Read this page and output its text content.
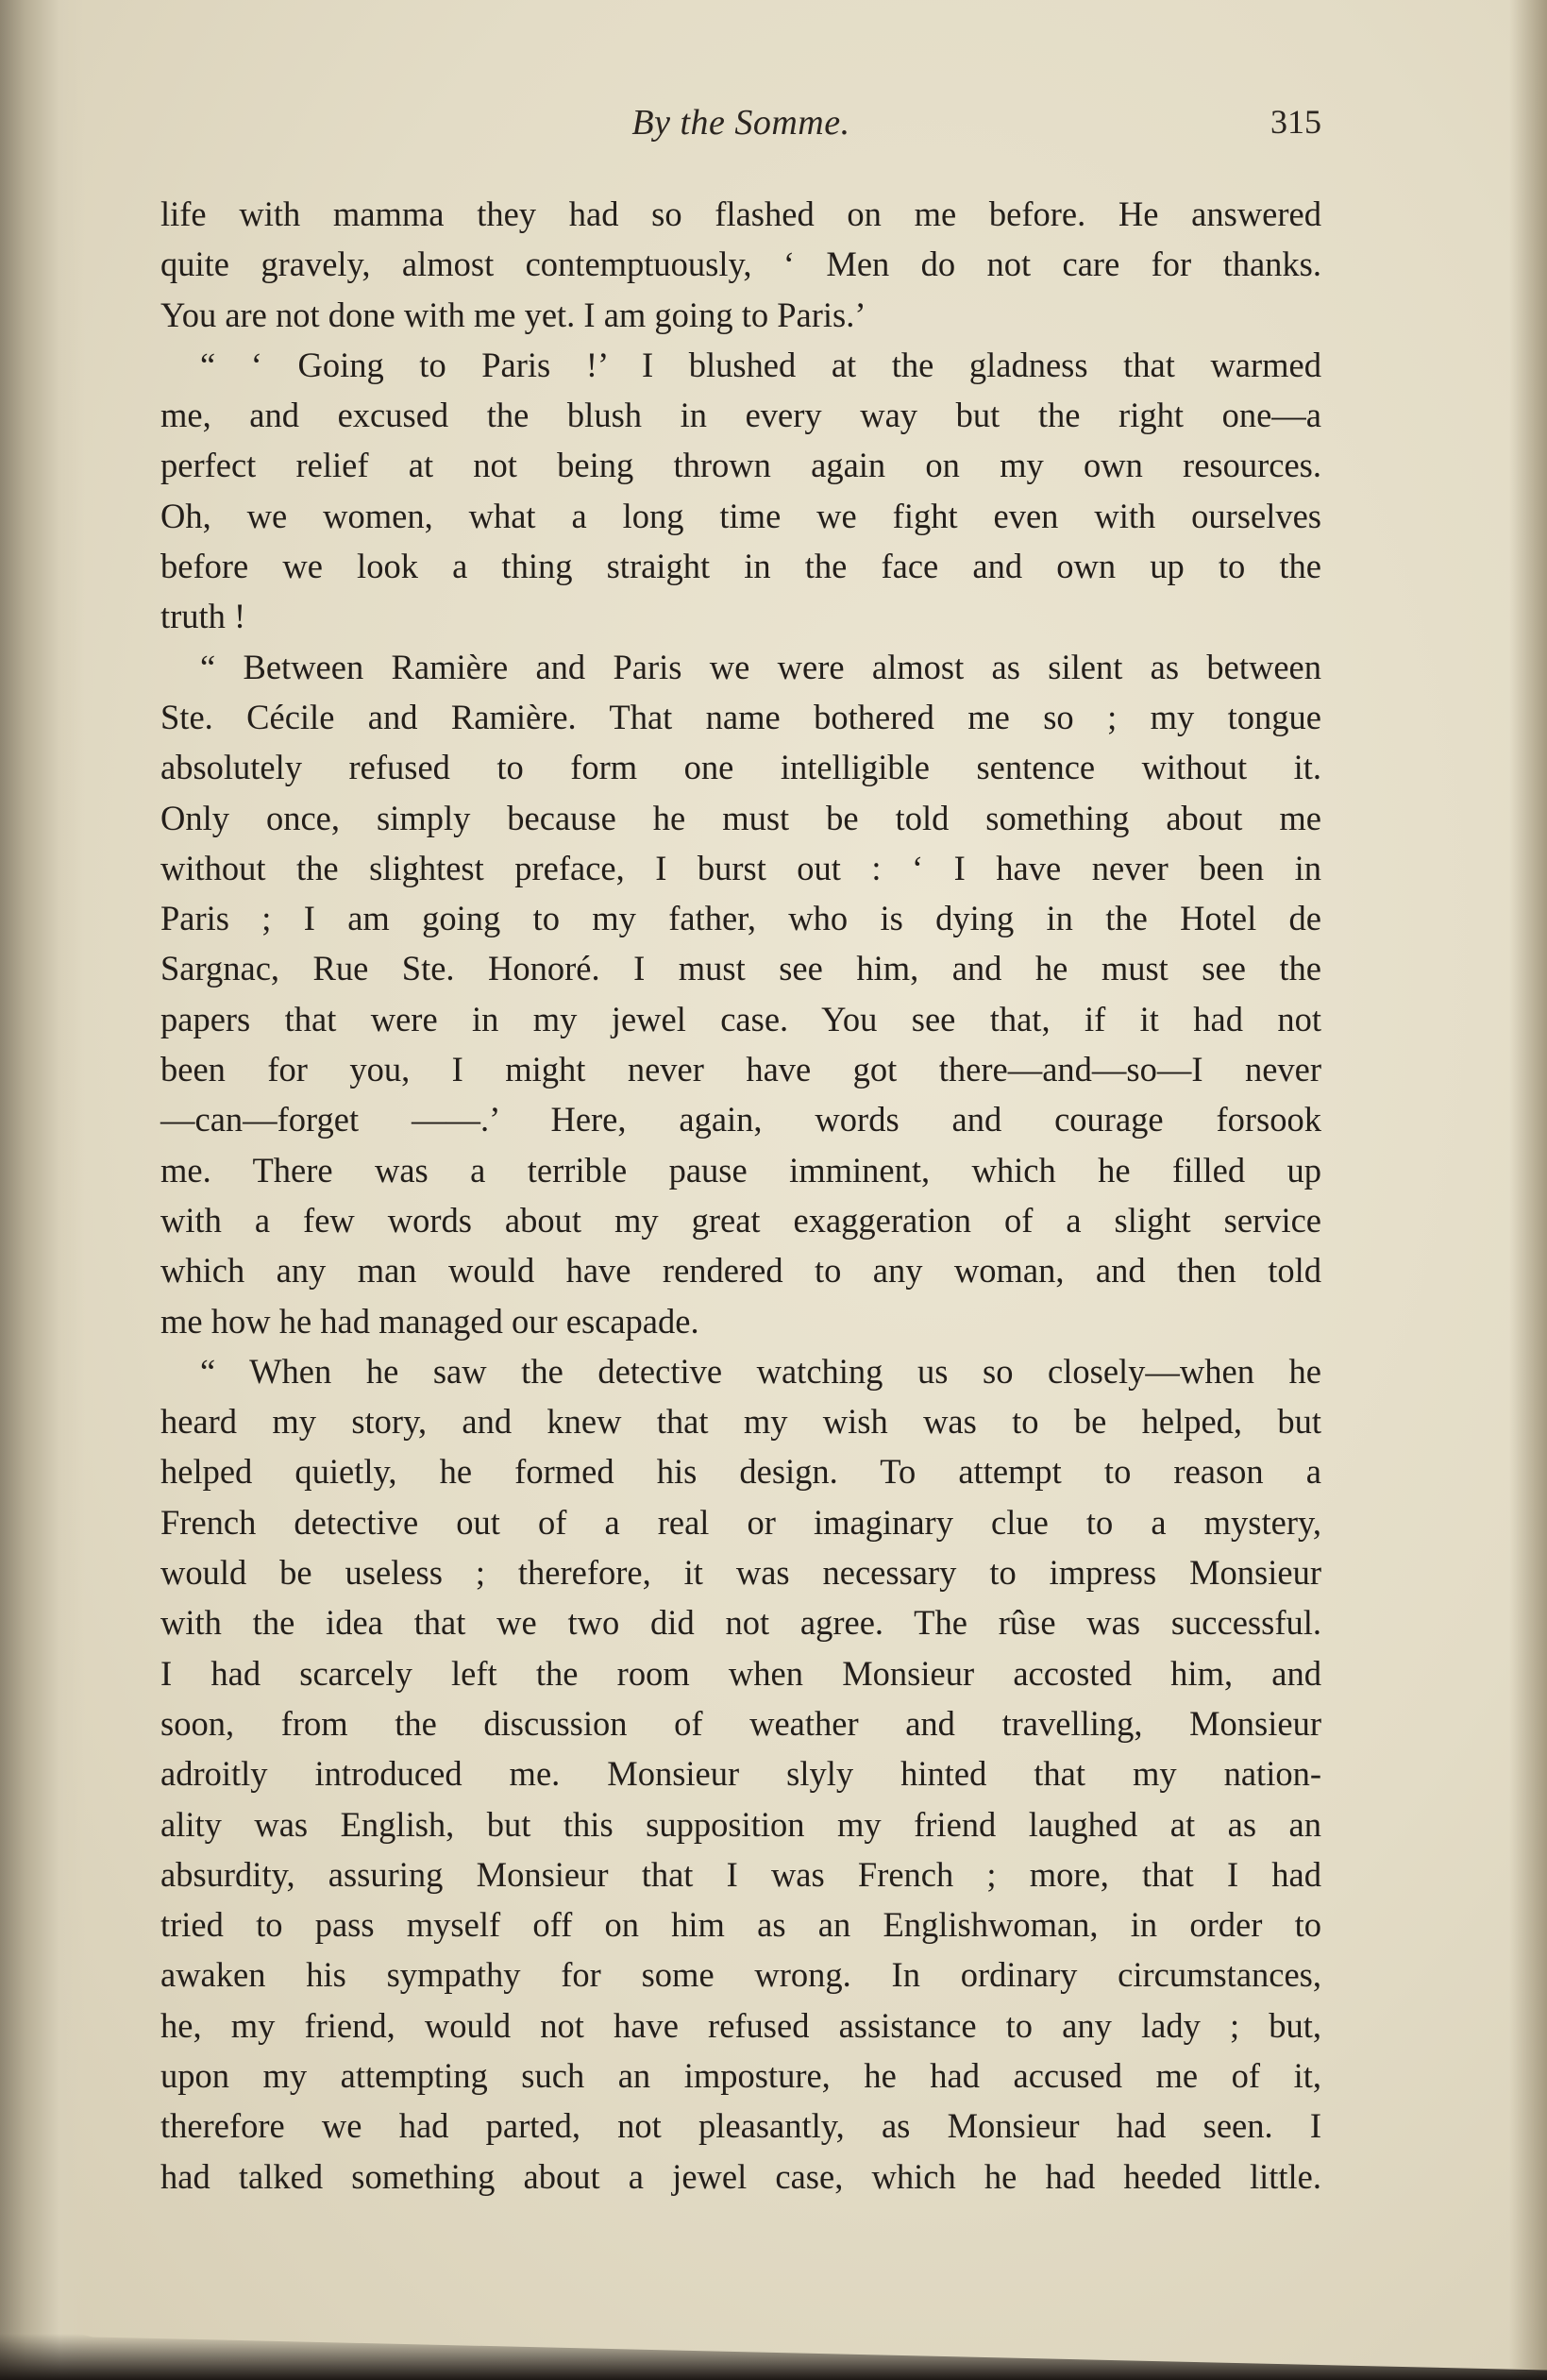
By the Somme.	315
life with mamma they had so flashed on me before. He answered
quite gravely, almost contemptuously, ‘ Men do not care for thanks.
You are not done with me yet. I am going to Paris.’
“ ‘ Going to Paris !’ I blushed at the gladness that warmed
me, and excused the blush in every way but the right one—a
perfect relief at not being thrown again on my own resources.
Oh, we women, what a long time we fight even with ourselves
before we look a thing straight in the face and own up to the
truth !
“ Between Ramière and Paris we were almost as silent as between
Ste. Cécile and Ramière. That name bothered me so ; my tongue
absolutely refused to form one intelligible sentence without it.
Only once, simply because he must be told something about me
without the slightest preface, I burst out : ‘ I have never been in
Paris ; I am going to my father, who is dying in the Hotel de
Sargnac, Rue Ste. Honoré. I must see him, and he must see the
papers that were in my jewel case. You see that, if it had not
been for you, I might never have got there—and—so—I never
—can—forget ——.’ Here, again, words and courage forsook
me. There was a terrible pause imminent, which he filled up
with a few words about my great exaggeration of a slight service
which any man would have rendered to any woman, and then told
me how he had managed our escapade.
“ When he saw the detective watching us so closely—when he
heard my story, and knew that my wish was to be helped, but
helped quietly, he formed his design. To attempt to reason a
French detective out of a real or imaginary clue to a mystery,
would be useless ; therefore, it was necessary to impress Monsieur
with the idea that we two did not agree. The rûse was successful.
I had scarcely left the room when Monsieur accosted him, and
soon, from the discussion of weather and travelling, Monsieur
adroitly introduced me. Monsieur slyly hinted that my nation-
ality was English, but this supposition my friend laughed at as an
absurdity, assuring Monsieur that I was French ; more, that I had
tried to pass myself off on him as an Englishwoman, in order to
awaken his sympathy for some wrong. In ordinary circumstances,
he, my friend, would not have refused assistance to any lady ; but,
upon my attempting such an imposture, he had accused me of it,
therefore we had parted, not pleasantly, as Monsieur had seen. I
had talked something about a jewel case, which he had heeded little.
